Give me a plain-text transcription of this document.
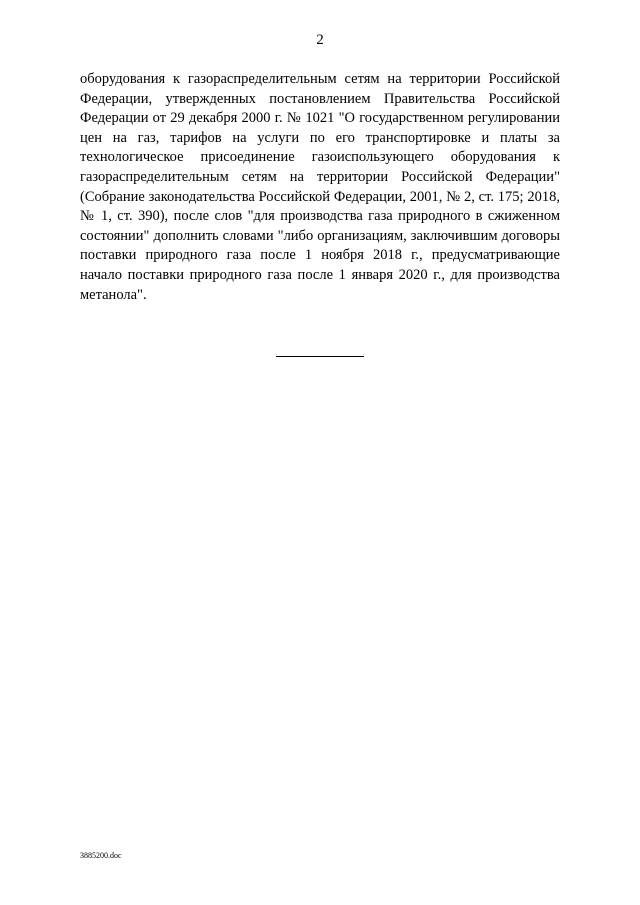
2

оборудования к газораспределительным сетям на территории Российской Федерации, утвержденных постановлением Правительства Российской Федерации от 29 декабря 2000 г. № 1021 "О государственном регулировании цен на газ, тарифов на услуги по его транспортировке и платы за технологическое присоединение газоиспользующего оборудования к газораспределительным сетям на территории Российской Федерации" (Собрание законодательства Российской Федерации, 2001, № 2, ст. 175; 2018, № 1, ст. 390), после слов "для производства газа природного в сжиженном состоянии" дополнить словами "либо организациям, заключившим договоры поставки природного газа после 1 ноября 2018 г., предусматривающие начало поставки природного газа после 1 января 2020 г., для производства метанола".

3885200.doc
